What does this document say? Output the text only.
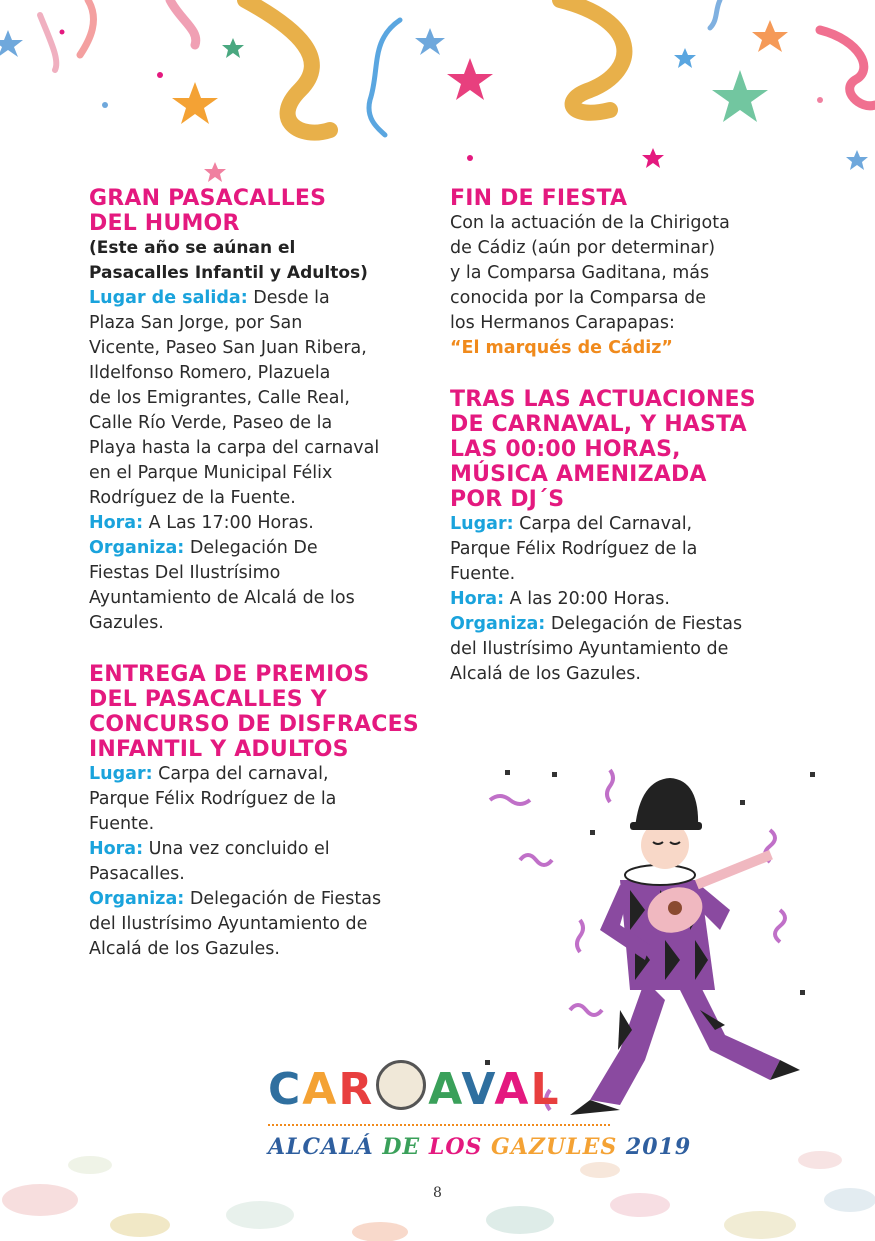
GRAN PASACALLES
DEL HUMOR
(Este año se aúnan el
Pasacalles Infantil y Adultos)

Lugar de salida: Desde la
Plaza San Jorge, por San
Vicente, Paseo San Juan Ribera,
Ildelfonso Romero, Plazuela
de los Emigrantes, Calle Real,
Calle Río Verde, Paseo de la
Playa hasta la carpa del carnaval
en el Parque Municipal Félix
Rodríguez de la Fuente.

Hora: A Las 17:00 Horas.

Organiza: Delegación De
Fiestas Del Ilustrísimo
Ayuntamiento de Alcalá de los
Gazules.

ENTREGA DE PREMIOS
DEL PASACALLES Y
CONCURSO DE DISFRACES
INFANTIL Y ADULTOS

Lugar: Carpa del carnaval,
Parque Félix Rodríguez de la
Fuente.

Hora: Una vez concluido el
Pasacalles.

Organiza: Delegación de Fiestas
del Ilustrísimo Ayuntamiento de
Alcalá de los Gazules.

FIN DE FIESTA

Con la actuación de la Chirigota
de Cádiz (aún por determinar)
y la Comparsa Gaditana, más
conocida por la Comparsa de
los Hermanos Carapapas:
“El marqués de Cádiz”

TRAS LAS ACTUACIONES
DE CARNAVAL, Y HASTA
LAS 00:00 HORAS,
MÚSICA AMENIZADA
POR DJ´S

Lugar: Carpa del Carnaval,
Parque Félix Rodríguez de la
Fuente.

Hora: A las 20:00 Horas.

Organiza: Delegación de Fiestas
del Ilustrísimo Ayuntamiento de
Alcalá de los Gazules.

CAR AVAL
ALCALÁ DE LOS GAZULES 2019
8
